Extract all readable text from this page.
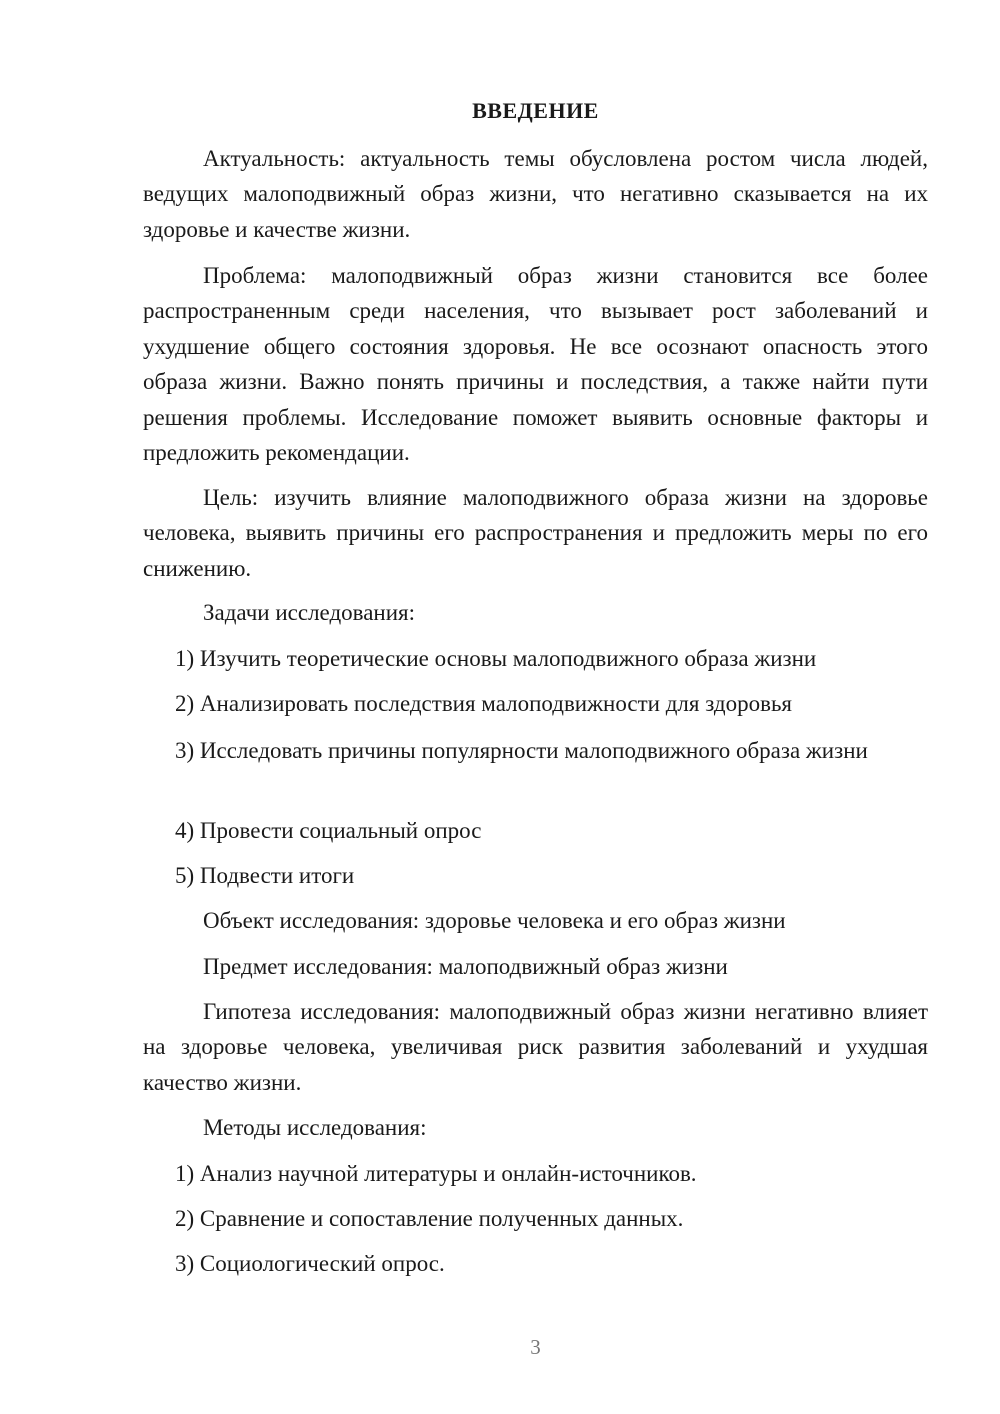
ВВЕДЕНИЕ

Актуальность: актуальность темы обусловлена ростом числа людей, ведущих малоподвижный образ жизни, что негативно сказывается на их здоровье и качестве жизни.

Проблема: малоподвижный образ жизни становится все более распространенным среди населения, что вызывает рост заболеваний и ухудшение общего состояния здоровья. Не все осознают опасность этого образа жизни. Важно понять причины и последствия, а также найти пути решения проблемы. Исследование поможет выявить основные факторы и предложить рекомендации.

Цель: изучить влияние малоподвижного образа жизни на здоровье человека, выявить причины его распространения и предложить меры по его снижению.

Задачи исследования:

1) Изучить теоретические основы малоподвижного образа жизни

2) Анализировать последствия малоподвижности для здоровья

3) Исследовать причины популярности малоподвижного образа жизни

4) Провести социальный опрос

5) Подвести итоги

Объект исследования: здоровье человека и его образ жизни

Предмет исследования: малоподвижный образ жизни

Гипотеза исследования: малоподвижный образ жизни негативно влияет на здоровье человека, увеличивая риск развития заболеваний и ухудшая качество жизни.

Методы исследования:

1) Анализ научной литературы и онлайн-источников.

2) Сравнение и сопоставление полученных данных.

3) Социологический опрос.

3
